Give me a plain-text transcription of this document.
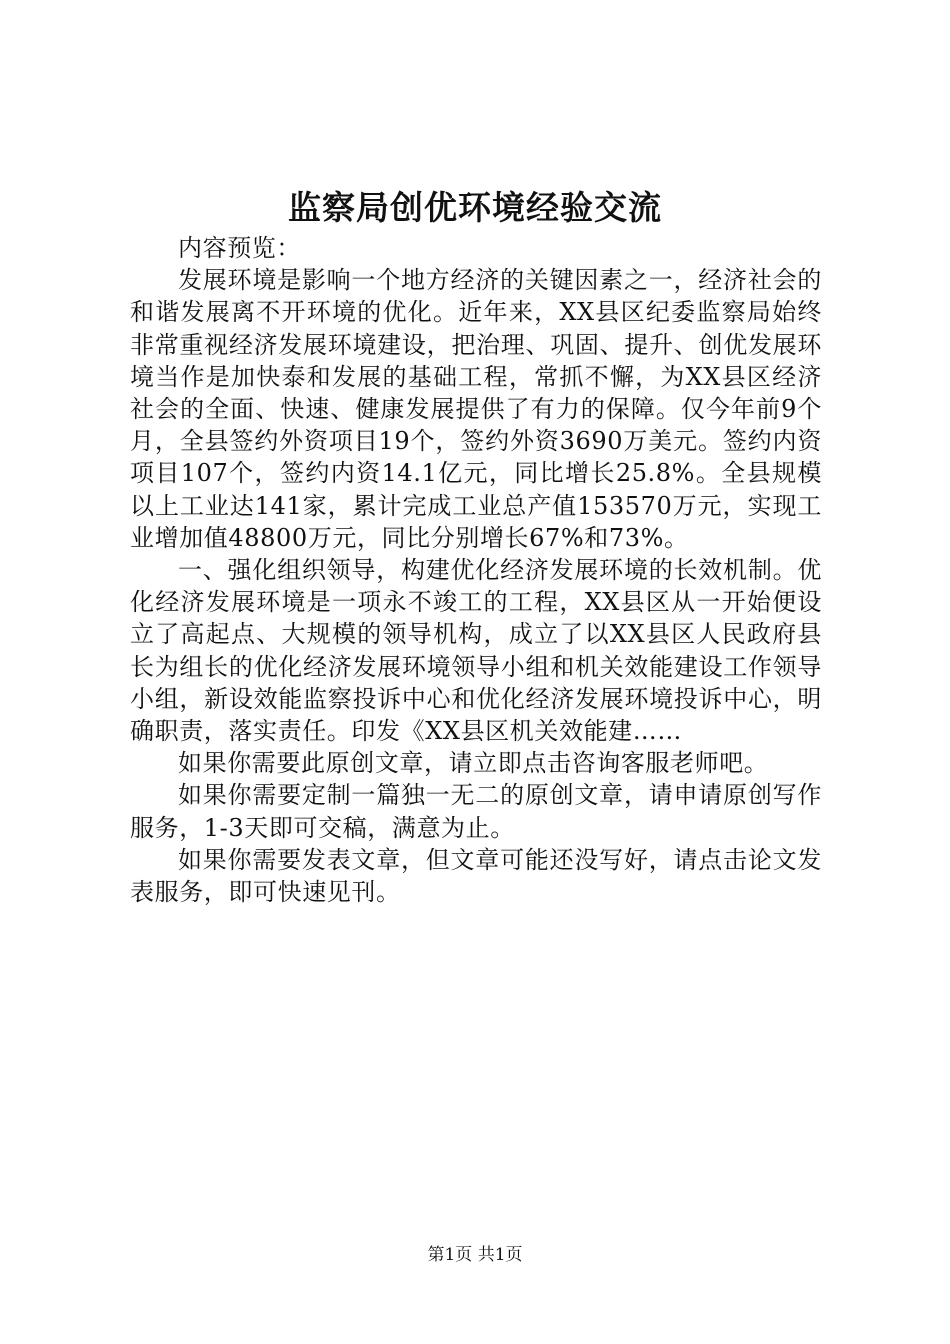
监察局创优环境经验交流

内容预览：

发展环境是影响一个地方经济的关键因素之一，经济社会的和谐发展离不开环境的优化。近年来，XX县区纪委监察局始终非常重视经济发展环境建设，把治理、巩固、提升、创优发展环境当作是加快泰和发展的基础工程，常抓不懈，为XX县区经济社会的全面、快速、健康发展提供了有力的保障。仅今年前9个月，全县签约外资项目19个，签约外资3690万美元。签约内资项目107个，签约内资14.1亿元，同比增长25.8%。全县规模以上工业达141家，累计完成工业总产值153570万元，实现工业增加值48800万元，同比分别增长67%和73%。

一、强化组织领导，构建优化经济发展环境的长效机制。优化经济发展环境是一项永不竣工的工程，XX县区从一开始便设立了高起点、大规模的领导机构，成立了以XX县区人民政府县长为组长的优化经济发展环境领导小组和机关效能建设工作领导小组，新设效能监察投诉中心和优化经济发展环境投诉中心，明确职责，落实责任。印发《XX县区机关效能建……

如果你需要此原创文章，请立即点击咨询客服老师吧。

如果你需要定制一篇独一无二的原创文章，请申请原创写作服务，1-3天即可交稿，满意为止。

如果你需要发表文章，但文章可能还没写好，请点击论文发表服务，即可快速见刊。

第1页 共1页
